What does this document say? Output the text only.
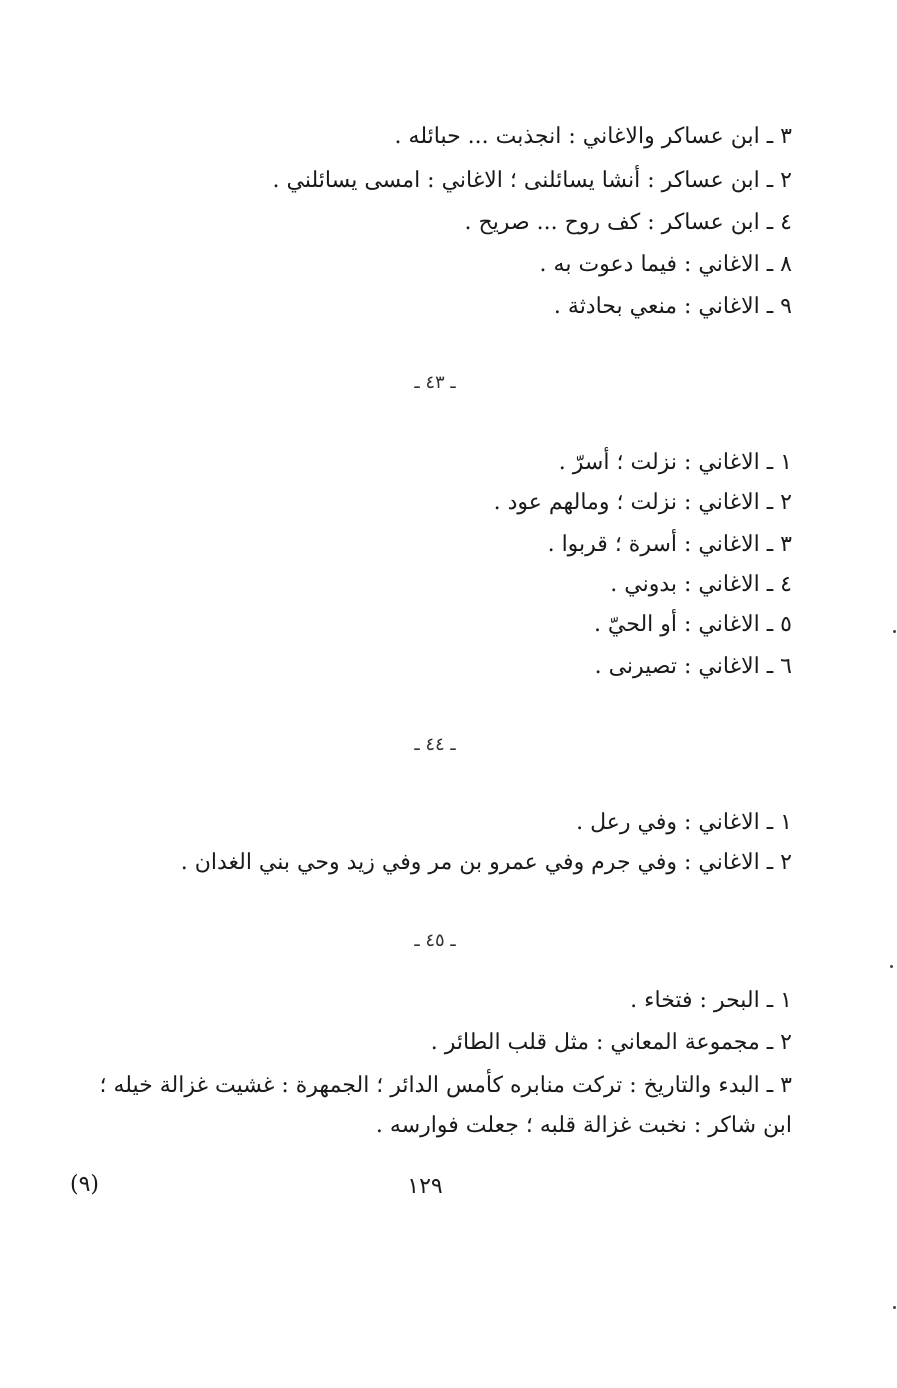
٣ ـ ابن عساكر والاغاني : انجذبت ... حبائله .
٢ ـ ابن عساكر : أنشا يسائلنى ؛ الاغاني : امسى يسائلني .
٤ ـ ابن عساكر : كف روح ... صريح .
٨ ـ الاغاني : فيما دعوت به .
٩ ـ الاغاني : منعي بحادثة .
ـ ٤٣ ـ
١ ـ الاغاني : نزلت ؛ أسرّ .
٢ ـ الاغاني : نزلت ؛ ومالهم عود .
٣ ـ الاغاني : أسرة ؛ قربوا .
٤ ـ الاغاني : بدوني .
٥ ـ الاغاني : أو الحيّ .
٦ ـ الاغاني : تصيرنى .
ـ ٤٤ ـ
١ ـ الاغاني : وفي رعل .
٢ ـ الاغاني : وفي جرم وفي عمرو بن مر وفي زيد وحي بني الغدان .
ـ ٤٥ ـ
١ ـ البحر : فتخاء .
٢ ـ مجموعة المعاني : مثل قلب الطائر .
٣ ـ البدء والتاريخ : تركت منابره كأمس الدائر ؛ الجمهرة : غشيت غزالة خيله ؛ ابن شاكر : نخبت غزالة قلبه ؛ جعلت فوارسه .
١٢٩
(٩)
